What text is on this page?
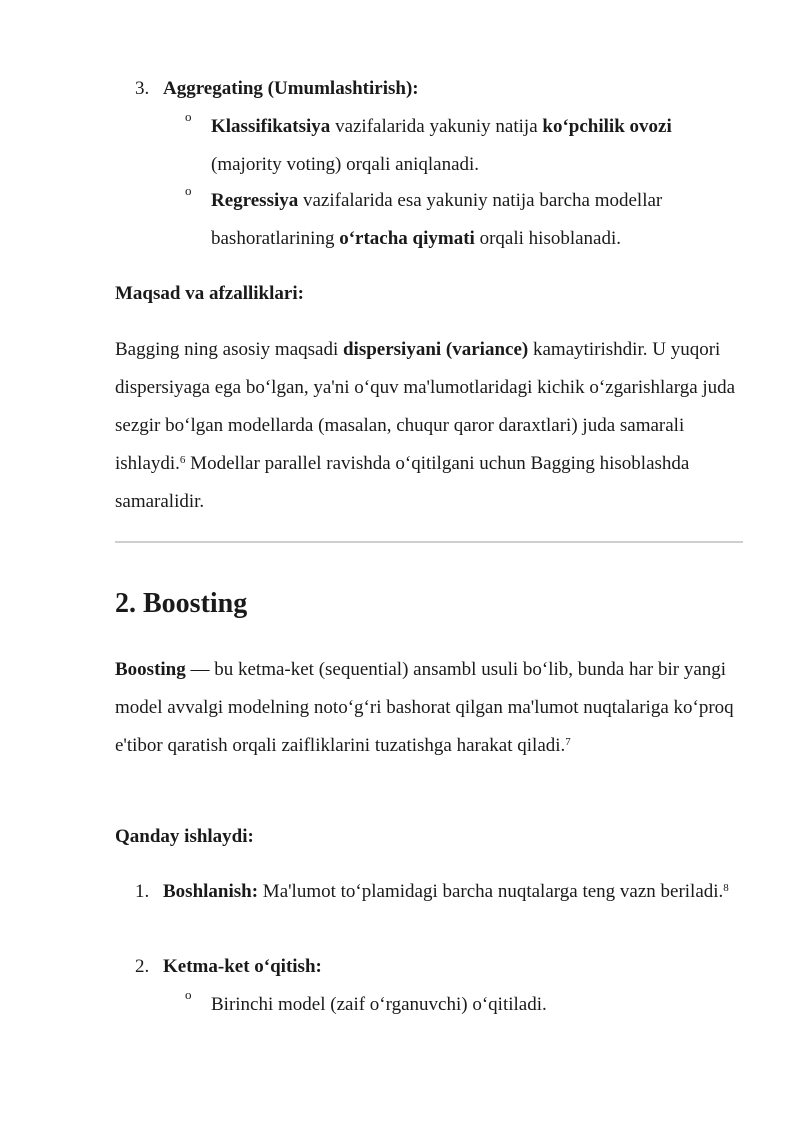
3. Aggregating (Umumlashtirish):

o Klassifikatsiya vazifalarida yakuniy natija ko‘pchilik ovozi (majority voting) orqali aniqlanadi.

o Regressiya vazifalarida esa yakuniy natija barcha modellar bashoratlarining o‘rtacha qiymati orqali hisoblanadi.

Maqsad va afzalliklari:

Bagging ning asosiy maqsadi dispersiyani (variance) kamaytirishdir. U yuqori dispersiyaga ega bo‘lgan, ya'ni o‘quv ma'lumotlaridagi kichik o‘zgarishlarga juda sezgir bo‘lgan modellarda (masalan, chuqur qaror daraxtlari) juda samarali ishlaydi.$^6$ Modellar parallel ravishda o‘qitilgani uchun Bagging hisoblashda samaralidir.

2. Boosting

Boosting — bu ketma-ket (sequential) ansambl usuli bo‘lib, bunda har bir yangi model avvalgi modelning noto‘g‘ri bashorat qilgan ma'lumot nuqtalariga ko‘proq e'tibor qaratish orqali zaifliklarini tuzatishga harakat qiladi.$^7$

Qanday ishlaydi:

1. Boshlanish: Ma'lumot to‘plamidagi barcha nuqtalarga teng vazn beriladi.$^8$

2. Ketma-ket o‘qitish:

o Birinchi model (zaif o‘rganuvchi) o‘qitiladi.
